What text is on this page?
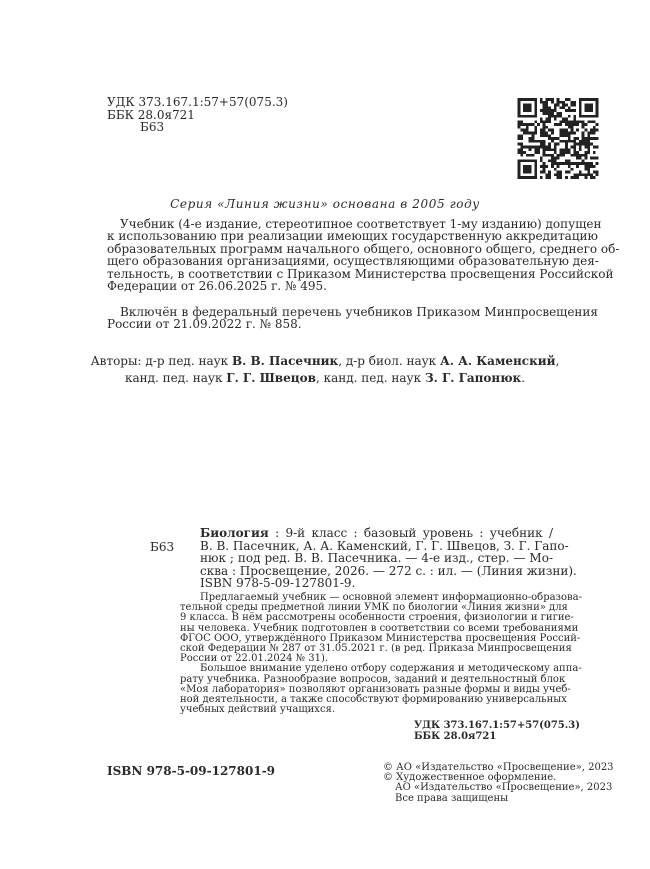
УДК 373.167.1:57+57(075.3)
ББК 28.0я721
Б63
Серия «Линия жизни» основана в 2005 году
Учебник (4-е издание, стереотипное соответствует 1-му изданию) допущен
к использованию при реализации имеющих государственную аккредитацию
образовательных программ начального общего, основного общего, среднего об-
щего образования организациями, осуществляющими образовательную дея-
тельность, в соответствии с Приказом Министерства просвещения Российской
Федерации от 26.06.2025 г. № 495.
Включён в федеральный перечень учебников Приказом Минпросвещения
России от 21.09.2022 г. № 858.
Авторы: д-р пед. наук В. В. Пасечник, д-р биол. наук А. А. Каменский,
канд. пед. наук Г. Г. Швецов, канд. пед. наук З. Г. Гапонюк.
Б63
Биология : 9-й класс : базовый уровень : учебник /
В. В. Пасечник, А. А. Каменский, Г. Г. Швецов, З. Г. Гапо-
нюк ; под ред. В. В. Пасечника. — 4-е изд., стер. — Мо-
сква : Просвещение, 2026. — 272 с. : ил. — (Линия жизни).
ISBN 978-5-09-127801-9.
Предлагаемый учебник — основной элемент информационно-образова-
тельной среды предметной линии УМК по биологии «Линия жизни» для
9 класса. В нём рассмотрены особенности строения, физиологии и гигие-
ны человека. Учебник подготовлен в соответствии со всеми требованиями
ФГОС ООО, утверждённого Приказом Министерства просвещения Россий-
ской Федерации № 287 от 31.05.2021 г. (в ред. Приказа Минпросвещения
России от 22.01.2024 № 31).
Большое внимание уделено отбору содержания и методическому аппа-
рату учебника. Разнообразие вопросов, заданий и деятельностный блок
«Моя лаборатория» позволяют организовать разные формы и виды учеб-
ной деятельности, а также способствуют формированию универсальных
учебных действий учащихся.
УДК 373.167.1:57+57(075.3)
ББК 28.0я721
ISBN 978-5-09-127801-9	© АО «Издательство «Просвещение», 2023
© Художественное оформление.
АО «Издательство «Просвещение», 2023
Все права защищены
